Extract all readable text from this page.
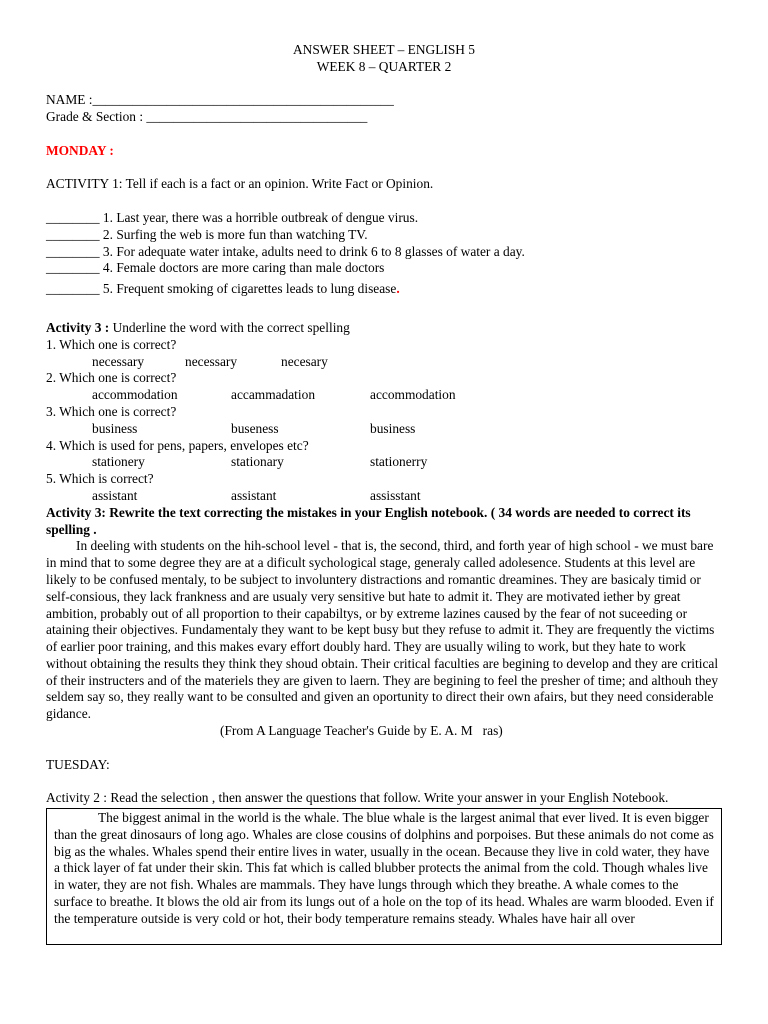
ANSWER SHEET – ENGLISH 5
WEEK 8 – QUARTER 2
NAME :_____________________________________________
Grade & Section : _________________________________
MONDAY :
ACTIVITY 1: Tell if each is a fact or an opinion. Write Fact or Opinion.
________
1. Last year, there was a horrible outbreak of dengue virus.
________
2. Surfing the web is more fun than watching TV.
________
3. For adequate water intake, adults need to drink 6 to 8 glasses of water a day.
________
4. Female doctors are more caring than male doctors
________
5. Frequent smoking of cigarettes leads to lung disease .
Activity 3 : Underline the word with the correct spelling
1. Which one is correct?
necessary	necessary	necesary
2. Which one is correct?
accommodation	accammadation	accommodation
3. Which one is correct?
business	buseness	business
4. Which is used for pens, papers, envelopes etc?
stationery	stationary	stationerry
5. Which is correct?
assistant	assistant	assisstant
Activity 3: Rewrite the text correcting the mistakes in your English notebook. ( 34 words are needed to correct its spelling .
In deeling with students on the hih-school level - that is, the second, third, and forth year of high school - we must bare in mind that to some degree they are at a dificult sychological stage, generaly called adolesence. Students at this level are likely to be confused mentaly, to be subject to involuntery distractions and romantic dreamines. They are basicaly timid or self-consious, they lack frankness and are usualy very sensitive but hate to admit it. They are motivated iether by great ambition, probably out of all proportion to their capabiltys, or by extreme lazines caused by the fear of not suceeding or ataining their objectives. Fundamentaly they want to be kept busy but they refuse to admit it. They are frequently the victims of earlier poor training, and this makes evary effort doubly hard. They are usually wiling to work, but they hate to work without obtaining the results they think they shoud obtain. Their critical faculties are begining to develop and they are critical of their instructers and of the materiels they are given to laern. They are begining to feel the presher of time; and althouh they seldem say so, they really want to be consulted and given an oportunity to direct their own afairs, but they need considerable gidance.
(From A Language Teacher's Guide by E. A. M   ras)
TUESDAY:
Activity 2 : Read the selection , then answer the questions that follow. Write your answer in your English Notebook.

The biggest animal in the world is the whale. The blue whale is the largest animal that ever lived. It is even bigger than the great dinosaurs of long ago. Whales are close cousins of dolphins and porpoises. But these animals do not come as big as the whales. Whales spend their entire lives in water, usually in the ocean. Because they live in cold water, they have a thick layer of fat under their skin. This fat which is called blubber protects the animal from the cold. Though whales live in water, they are not fish. Whales are mammals. They have lungs through which they breathe. A whale comes to the surface to breathe. It blows the old air from its lungs out of a hole on the top of its head. Whales are warm blooded. Even if the temperature outside is very cold or hot, their body temperature remains steady. Whales have hair all over
